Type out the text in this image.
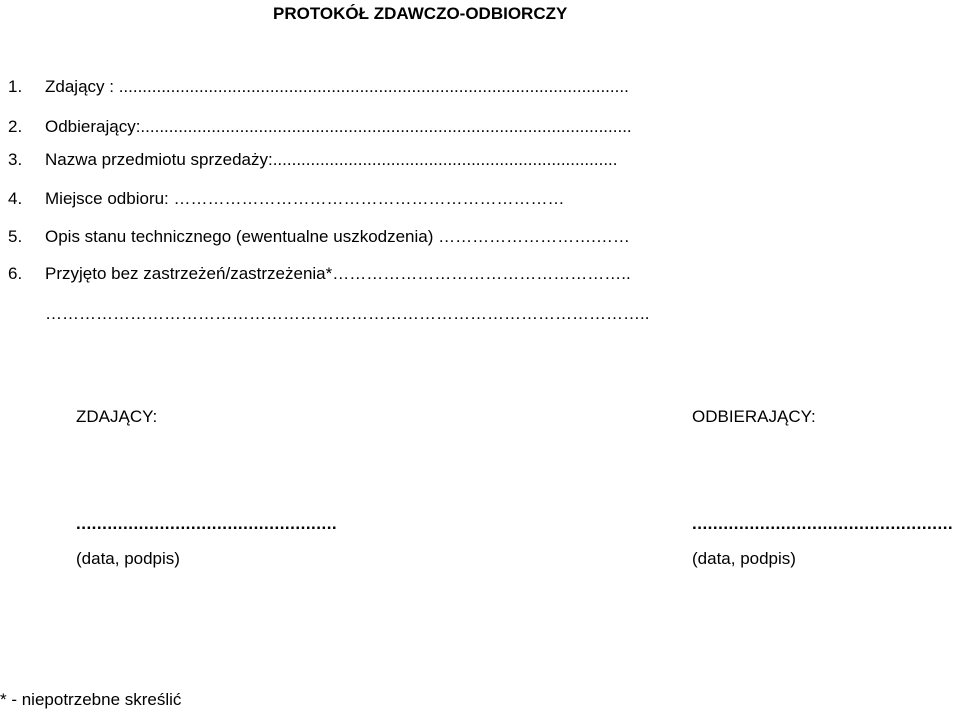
PROTOKÓŁ ZDAWCZO-ODBIORCZY
1. Zdający : ............................................................................................................
2. Odbierający:........................................................................................................
3. Nazwa przedmiotu sprzedaży:.........................................................................
4. Miejsce odbioru: ……………………………………………………………
5. Opis stanu technicznego (ewentualne uszkodzenia) ……………………….……
6. Przyjęto bez zastrzeżeń/zastrzeżenia*……………………………………………..
……………………………………………………………………………………………..
ZDAJĄCY:	ODBIERAJĄCY:
..................................................	..................................................
(data, podpis)	(data, podpis)
* - niepotrzebne skreślić
